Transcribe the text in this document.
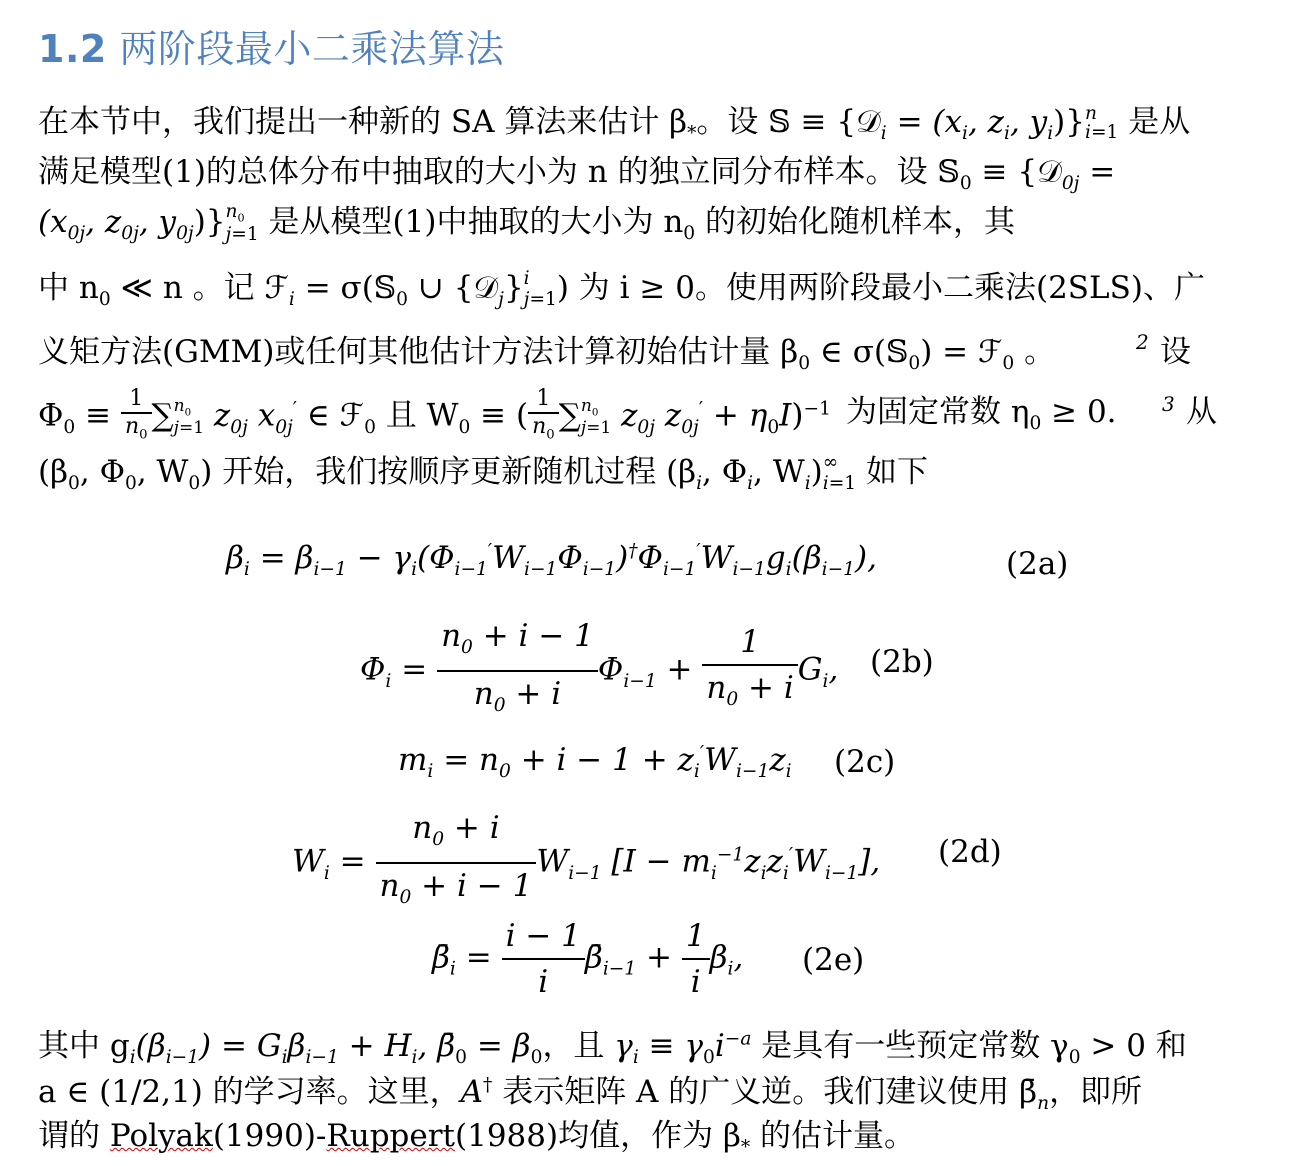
1.2 两阶段最小二乘法算法
在本节中，我们提出一种新的 SA 算法来估计 $\beta_*$。设 𝕊 ≡ {𝒟$_i$ = ($x_i$, $z_i$, $y_i)\}n$
i=1 是从
满足模型(1)的总体分布中抽取的大小为 n 的独立同分布样本。设 𝕊$_0$ ≡ {𝒟$_{0j}$ =
($x_{0j}$, $z_{0j}$, $y_{0j})\}n_0$
j=1 是从模型(1)中抽取的大小为 $n_0$ 的初始化随机样本，其
中 $n_0$ ≪ n 。记 ℱ$_i$ = σ(𝕊$_0$ ∪ {𝒟$_j$}i
j=1) 为 i ≥ 0。使用两阶段最小二乘法(2SLS)、广
义矩方法(GMM)或任何其他估计方法计算初始估计量 $\beta_0$ ∈ σ(𝕊$_0$) = ℱ$_0$ 。	2 设
$\Phi_0 \equiv \frac{1}{n_0} \sum n_0$
j=1 $z_{0j}$ $x_{0j}'$ ∈ ℱ$_0$ 且 $W_0$ ≡ ( $\frac{1}{n_0} \sum n_0$
j=1 $z_{0j}$ $z_{0j}' + \eta_0I)^{-1}$ 为固定常数 $\eta_0 \ge 0$. 3 从
($\beta_0$, $\Phi_0$, $W_0$) 开始，我们按顺序更新随机过程 ($\beta_i$, $\Phi_i$, $W_i)\infty$
i=1 如下
$\beta_i = \beta_{i-1} - \gamma_i(\Phi_{i-1}'W_{i-1}\Phi_{i-1})^\dagger\Phi_{i-1}'W_{i-1}g_i(\beta_{i-1})$,	(2a)
$\Phi_i = \frac{n_0 + i - 1}{n_0 + i} \Phi_{i-1} + \frac{1}{n_0 + i} G_i$, (2b)
$m_i = n_0 + i - 1 + z_i'W_{i-1}z_i$ (2c)
$W_i = \frac{n_0 + i}{n_0 + i - 1} W_{i-1}$ $[I - m_i^{-1}z_iz_i'W_{i-1}]$, (2d)
$\betā_i = \frac{i - 1}{i}$ $\betā_{i-1} + \frac{1}{i} \beta_i$, (2e)
其中 $g_i(\beta_{i-1}) = G_i\beta_{i-1} + H_i$, $\betā_0 = \beta_0$，且 $\gamma_i \equiv \gamma_0i^{-a}$ 是具有一些预定常数 $\gamma_0 > 0$ 和
a ∈ (1/2,1) 的学习率。这里，A† 表示矩阵 A 的广义逆。我们建议使用 $\betā_n$，即所
谓的 Polyak(1990)-Ruppert(1988)均值，作为 $\beta_*$ 的估计量。
